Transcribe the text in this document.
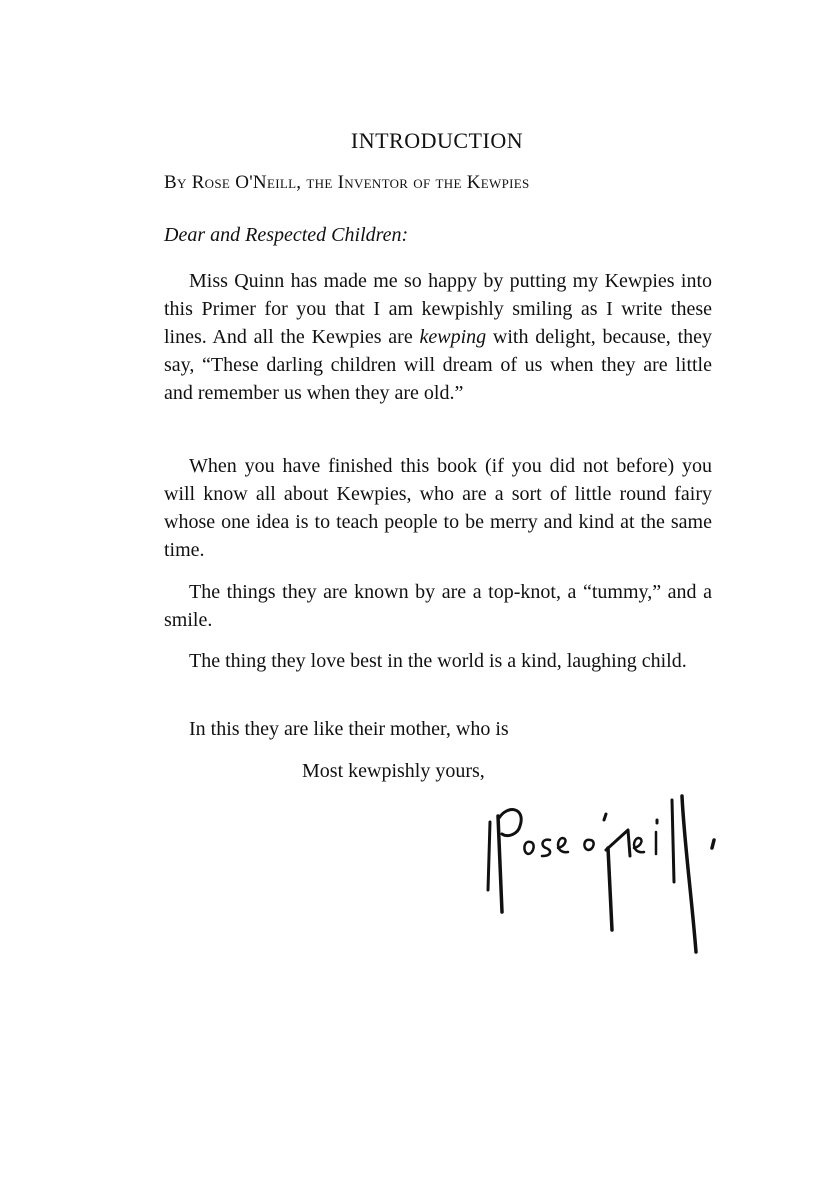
INTRODUCTION

By Rose O'Neill, the Inventor of the Kewpies

Dear and Respected Children:

Miss Quinn has made me so happy by putting my Kewpies into this Primer for you that I am kewpishly smiling as I write these lines. And all the Kewpies are kewping with delight, because, they say, “These darling children will dream of us when they are little and remember us when they are old.”

When you have finished this book (if you did not before) you will know all about Kewpies, who are a sort of little round fairy whose one idea is to teach people to be merry and kind at the same time.

The things they are known by are a top-knot, a “tummy,” and a smile.

The thing they love best in the world is a kind, laughing child.

In this they are like their mother, who is

Most kewpishly yours,
